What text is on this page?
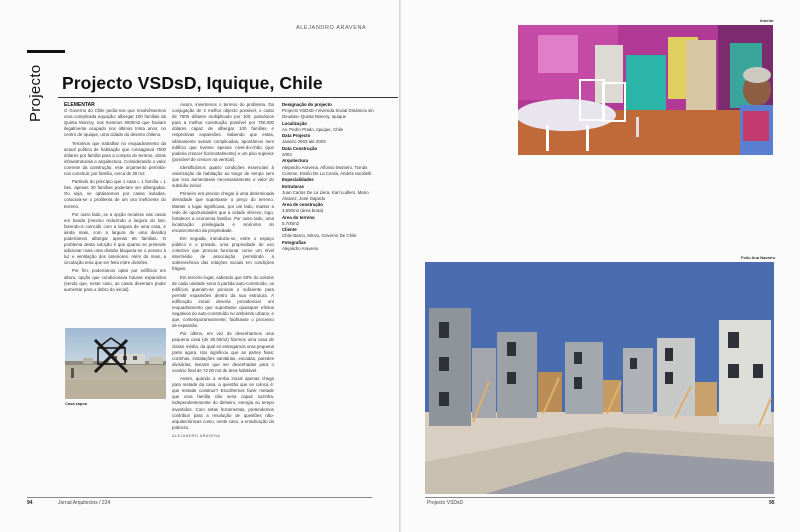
ALEJANDRO ARAVENA
Projecto Projecto VSDsD, Iquique, Chile

ELEMENTAR

O Governo do Chile pediu-nos que resolvêssemos uma complicada equação: albergar 100 famílias da Quinta Monroy, nos mesmos 5000m2 que haviam ilegalmente ocupado nos últimos trinta anos, no centro de Iquique, uma cidade do deserto chileno.

Teríamos que trabalhar no enquadramento da actual política de habitação que consagrava 7500 dólares por família para a compra do terreno, obras infraestruturais e arquitectura. Considerando o valor corrente da construção, este orçamento permitia-nos construir, por família, cerca de 30 m2.

Partindo do princípio que 1 casa = 1 família = 1 lote, apenas 30 famílias poderiam ser albergadas. Ou seja, se optássemos por casas isoladas, colocava-se o problema de um uso ineficiente do terreno.

Por outro lado, se a opção recaísse nas casas em banda (mesmo reduzindo a largura do lote, fazendo-a coincidir com a largura de uma casa, e ainda mais, com a largura de uma divisão) poderíamos albergar apenas 66 famílias. O problema desta solução é que quanto se pretende adicionar mais uma divisão bloqueia-se o acesso à luz e ventilação dos anteriores. Além do mais, a circulação teria que ser feita entre divisões.

Por fim, poderíamos optar por edifícios em altura, opção que condicionava futuras expansões (sendo que, neste caso, as casas deveriam poder aumentar para o dobro do inicial).

Assim, invertemos o terreno do problema. Da conjugação de 2 melhor objecto possível, o custo de 7500 dólares multiplicado por 100, passámos para a melhor construção possível por 750.000 dólares capaz de albergar 100 famílias e respectivas expansões. Sabendo que estas, ultimamente seriam complicadas, apontámos nem edifício que tivesse apenas nível-do-chão (que poderia crescer horizontalmente) e um piso superior (possível de crescer na vertical).

Identificámos quatro condições essenciais à valorização da habitação ao longo de tempo sem que isso aumentasse necessariamente o valor do subsídio inicial.

Primeiro era preciso chegar à uma determinada densidade que suportasse o preço do terreno. Manter o lugar significava, por um lado, manter a rede de oportunidades que a cidade oferece, logo, fortalecer a economia familiar. Por outro lado, uma localização privilegiada é sinónima do encarecimento da propriedade.

Em seguida, introduziu-se, entre o espaço público e o privado, uma propriedade de uso colectivo que procura funcionar como um nível intermédio de associação permitindo a sobrevivência das relações sociais em condições frágeis.

Em terceiro lugar, sabendo que 50% do volume de cada unidade seria à partida auto-construído, os edifícios queriam-se porosos o suficiente para permitir expansões dentro da sua estrutura. A edificação inicial deveria providenciar um enquadramento que suportasse quaisquer efeitos negativos do auto-construído no ambiente urbano, e que, contemporaneamente, facilitasse o processo de expansão.

Por último, em vez de desenharmos uma pequena casa (de 30.00m2) fizemos uma casa de classe média, da qual só entregamos uma pequena parte agora. Isto significou que as partes fixas: cozinhas, instalações sanitárias, escadas, paredes divisórias, tiveram que ser desenhadas para o cenário final de 72.00 m2 de área habitável.

Assim, quando a verba inicial apenas chega para metade da casa, a questão que se coloca é: que metade construir? Escolhemos fazer metade que uma família não seria capaz sozinha, independentemente do dinheiro, energia ou tempo investidos. Com estas ferramentas, pretendemos contribuir para a resolução de questões não-arquitectónicas como, neste caso, a erradicação da pobreza.

ALEJANDRO ARAVENA
Designação do projecto
Projecto VSDsD «Vivienda Social Dinámica sin Deudas» Quinta Monroy, Iquique
Localização
Av. Pedro Prado, Iquique, Chile
Data Projecto
Janeiro 2003 até 2003
Data Construção
2004
Arquitectura
Alejandro Aravena, Alfonso Montero, Tomás Cortese, Emilio De La Cerda, Andrés Iacobelli
Especialidades
Estruturas
Juan Carlos De La Llera, Karl Ludlers, Mario Álvarez, José Gajardo
Área de construção
3,500m2 (área bruta)
Área do terreno
5,700m2
Cliente
Chile Barrio, Minvu, Governo De Chile
Fotografias
Alejandro Aravena
Casa zapon
94	Jornal Arquitectos / 224
Interior
Folio Ana Navarro
Projecto VSDsD	95
